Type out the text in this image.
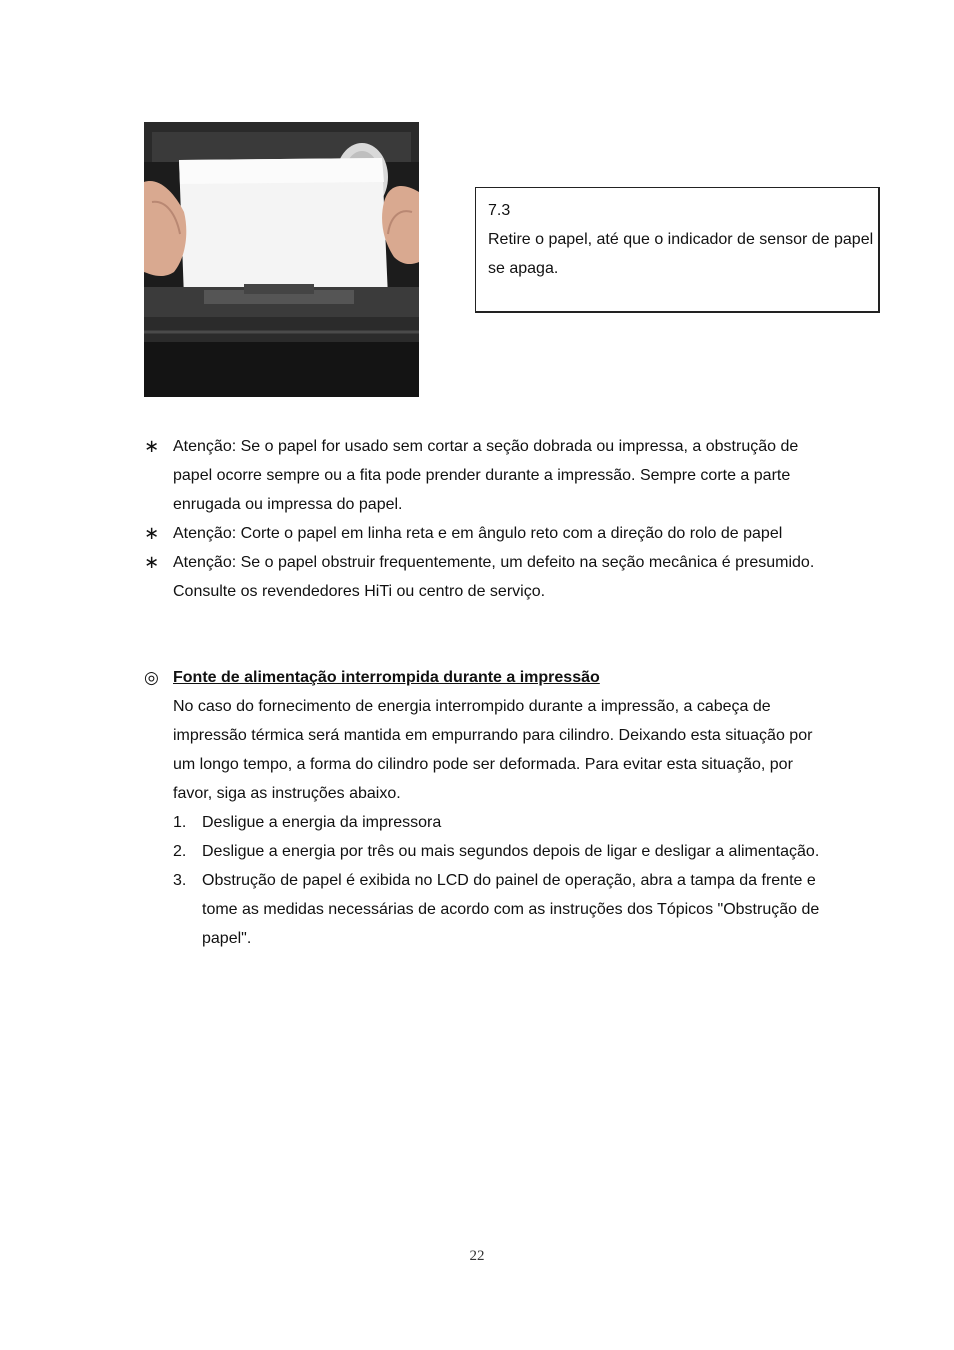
7.3
Retire o papel, até que o indicador de sensor de papel se apaga.
∗ Atenção: Se o papel for usado sem cortar a seção dobrada ou impressa, a obstrução de papel ocorre sempre ou a fita pode prender durante a impressão. Sempre corte a parte enrugada ou impressa do papel.
∗ Atenção: Corte o papel em linha reta e em ângulo reto com a direção do rolo de papel
∗ Atenção: Se o papel obstruir frequentemente, um defeito na seção mecânica é presumido. Consulte os revendedores HiTi ou centro de serviço.
◎ Fonte de alimentação interrompida durante a impressão
No caso do fornecimento de energia interrompido durante a impressão, a cabeça de impressão térmica será mantida em empurrando para cilindro. Deixando esta situação por um longo tempo, a forma do cilindro pode ser deformada. Para evitar esta situação, por favor, siga as instruções abaixo.
1. Desligue a energia da impressora
2. Desligue a energia por três ou mais segundos depois de ligar e desligar a alimentação.
3. Obstrução de papel é exibida no LCD do painel de operação, abra a tampa da frente e tome as medidas necessárias de acordo com as instruções dos Tópicos "Obstrução de papel".
22
